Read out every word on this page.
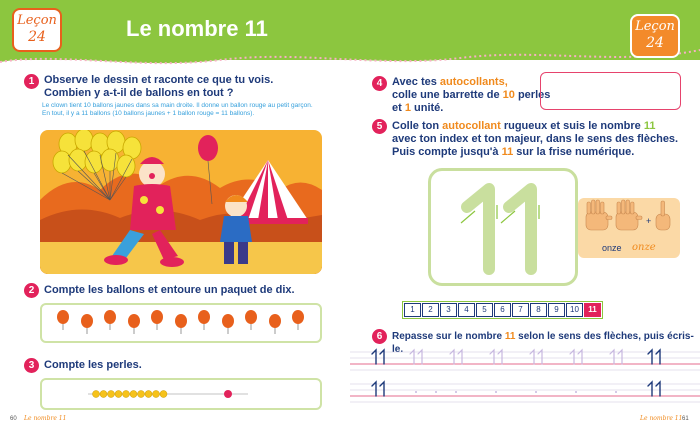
Leçon
24	Le nombre 11	Leçon
24
1 Observe le dessin et raconte ce que tu vois.
Combien y a-t-il de ballons en tout ?
Le clown tient 10 ballons jaunes dans sa main droite. Il donne un ballon rouge au petit garçon.
En tout, il y a 11 ballons (10 ballons jaunes + 1 ballon rouge = 11 ballons).
2 Compte les ballons et entoure un paquet de dix.
3 Compte les perles.
4 Avec tes autocollants,
colle une barrette de 10 perles
et 1 unité.
5 Colle ton autocollant rugueux et suis le nombre 11
avec ton index et ton majeur, dans le sens des flèches.
Puis compte jusqu'à 11 sur la frise numérique.
+
onze onze
1	2	3	4	5	6	7	8	9	10	11
6 Repasse sur le nombre 11 selon le sens des flèches, puis écris-le.
60 Le nombre 11	Le nombre 11 61
